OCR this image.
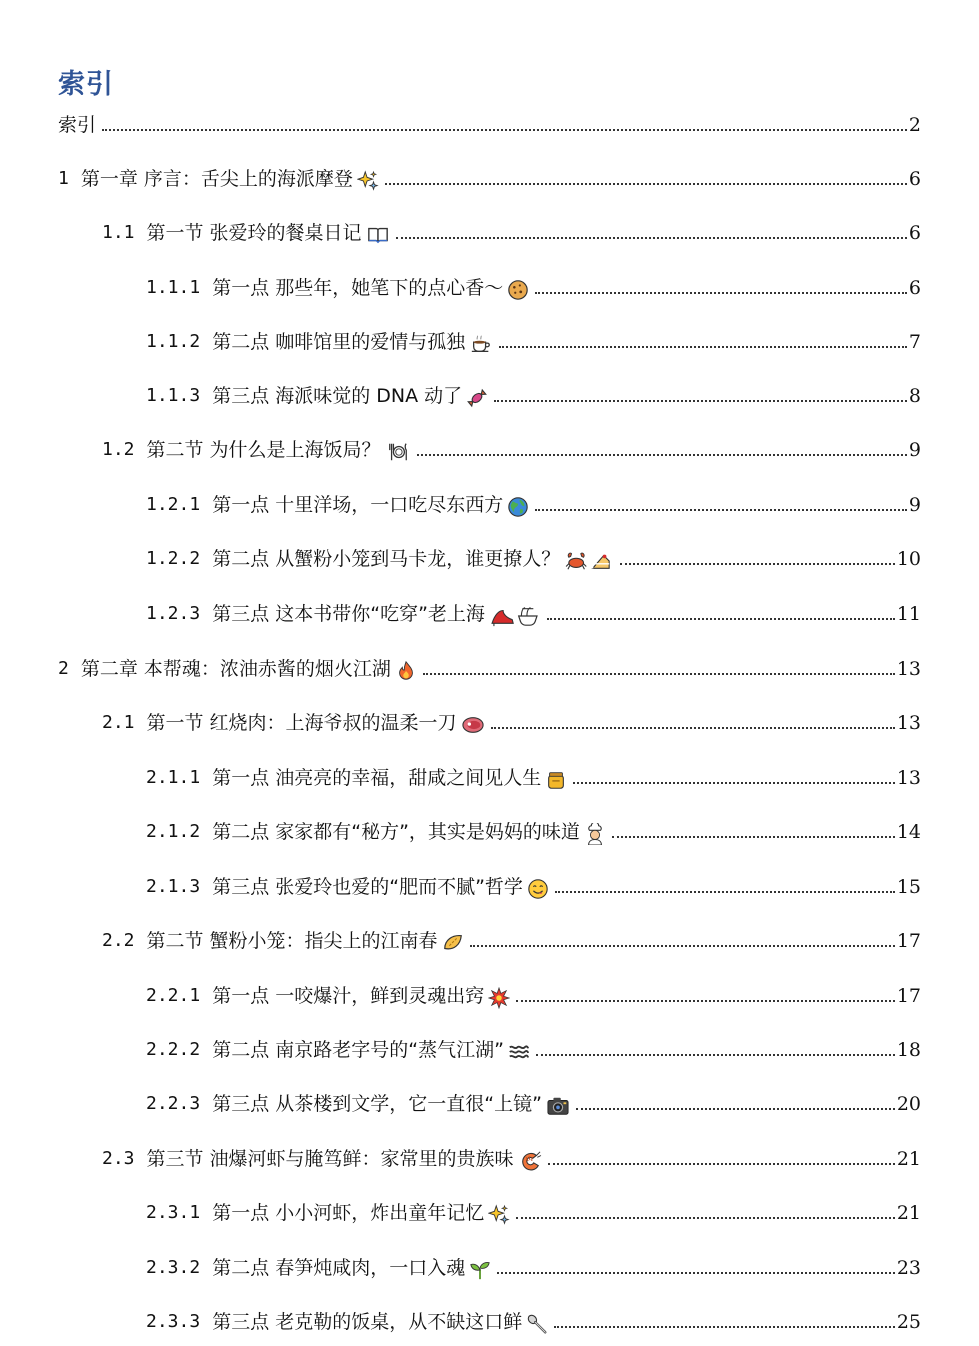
索引
索引	2
1 第一章 序言：舌尖上的海派摩登	6
1.1 第一节 张爱玲的餐桌日记	6
1.1.1 第一点 那些年，她笔下的点心香～	6
1.1.2 第二点 咖啡馆里的爱情与孤独	7
1.1.3 第三点 海派味觉的 DNA 动了	8
1.2 第二节 为什么是上海饭局？	9
1.2.1 第一点 十里洋场，一口吃尽东西方	9
1.2.2 第二点 从蟹粉小笼到马卡龙，谁更撩人？	10
1.2.3 第三点 这本书带你“吃穿”老上海	11
2 第二章 本帮魂：浓油赤酱的烟火江湖	13
2.1 第一节 红烧肉：上海爷叔的温柔一刀	13
2.1.1 第一点 油亮亮的幸福，甜咸之间见人生	13
2.1.2 第二点 家家都有“秘方”，其实是妈妈的味道	14
2.1.3 第三点 张爱玲也爱的“肥而不腻”哲学	15
2.2 第二节 蟹粉小笼：指尖上的江南春	17
2.2.1 第一点 一咬爆汁，鲜到灵魂出窍	17
2.2.2 第二点 南京路老字号的“蒸气江湖”	18
2.2.3 第三点 从茶楼到文学，它一直很“上镜”	20
2.3 第三节 油爆河虾与腌笃鲜：家常里的贵族味	21
2.3.1 第一点 小小河虾，炸出童年记忆	21
2.3.2 第二点 春笋炖咸肉，一口入魂	23
2.3.3 第三点 老克勒的饭桌，从不缺这口鲜	25
